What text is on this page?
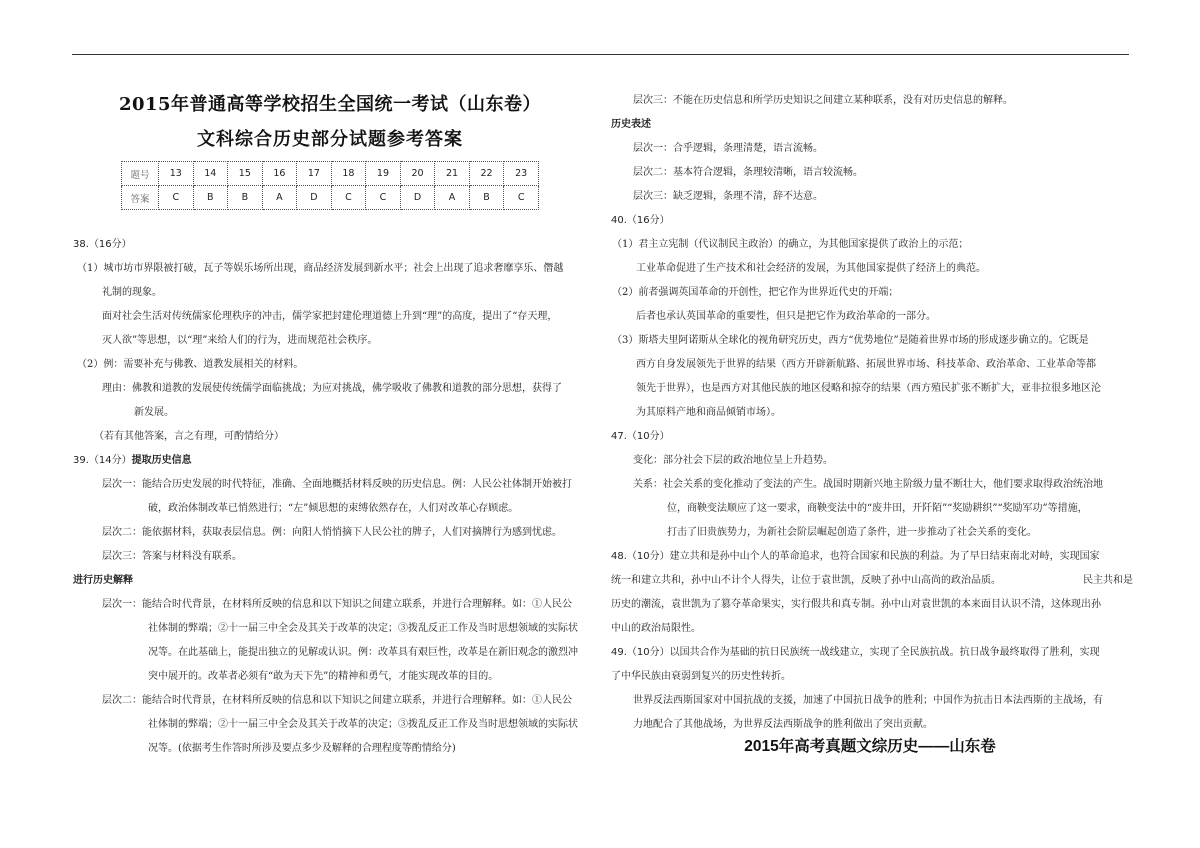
2015年普通高等学校招生全国统一考试（山东卷）
文科综合历史部分试题参考答案
题号	13	14	15	16	17	18	19	20	21	22	23
答案	C	B	B	A	D	C	C	D	A	B	C
38.（16分）
（1）城市坊市界限被打破，瓦子等娱乐场所出现，商品经济发展到新水平；社会上出现了追求奢靡享乐、僭越
礼制的现象。
面对社会生活对传统儒家伦理秩序的冲击，儒学家把封建伦理道德上升到“理”的高度，提出了“存天理，
灭人欲”等思想，以“理”来给人们的行为，进而规范社会秩序。
（2）例：需要补充与佛教、道教发展相关的材料。
理由：佛教和道教的发展使传统儒学面临挑战；为应对挑战，佛学吸收了佛教和道教的部分思想，获得了
新发展。
（若有其他答案，言之有理，可酌情给分）
39.（14分）提取历史信息
层次一：能结合历史发展的时代特征，准确、全面地概括材料反映的历史信息。例：人民公社体制开始被打
破，政治体制改革已悄然进行；“左”倾思想的束缚依然存在，人们对改革心存顾虑。
层次二：能依据材料，获取表层信息。例：向阳人悄悄摘下人民公社的牌子，人们对摘牌行为感到忧虑。
层次三：答案与材料没有联系。
进行历史解释
层次一：能结合时代背景，在材料所反映的信息和以下知识之间建立联系，并进行合理解释。如：①人民公
社体制的弊端；②十一届三中全会及其关于改革的决定；③拨乱反正工作及当时思想领域的实际状
况等。在此基础上，能提出独立的见解或认识。例：改革具有艰巨性，改革是在新旧观念的激烈冲
突中展开的。改革者必须有“敢为天下先”的精神和勇气，才能实现改革的目的。
层次二：能结合时代背景，在材料所反映的信息和以下知识之间建立联系，并进行合理解释。如：①人民公
社体制的弊端；②十一届三中全会及其关于改革的决定；③拨乱反正工作及当时思想领域的实际状
况等。(依据考生作答时所涉及要点多少及解释的合理程度等酌情给分)
层次三：不能在历史信息和所学历史知识之间建立某种联系，没有对历史信息的解释。
历史表述
层次一：合乎逻辑，条理清楚，语言流畅。
层次二：基本符合逻辑，条理较清晰，语言较流畅。
层次三：缺乏逻辑，条理不清，辞不达意。
40.（16分）
（1）君主立宪制（代议制民主政治）的确立，为其他国家提供了政治上的示范；
工业革命促进了生产技术和社会经济的发展，为其他国家提供了经济上的典范。
（2）前者强调英国革命的开创性，把它作为世界近代史的开端；
后者也承认英国革命的重要性，但只是把它作为政治革命的一部分。
（3）斯塔夫里阿诺斯从全球化的视角研究历史，西方“优势地位”是随着世界市场的形成逐步确立的。它既是
西方自身发展领先于世界的结果（西方开辟新航路、拓展世界市场、科技革命、政治革命、工业革命等都
领先于世界），也是西方对其他民族的地区侵略和掠夺的结果（西方殖民扩张不断扩大，亚非拉很多地区沦
为其原料产地和商品倾销市场）。
47.（10分）
变化：部分社会下层的政治地位呈上升趋势。
关系：社会关系的变化推动了变法的产生。战国时期新兴地主阶级力量不断壮大，他们要求取得政治统治地
位，商鞅变法顺应了这一要求，商鞅变法中的“废井田，开阡陌”“奖励耕织”“奖励军功”等措施，
打击了旧贵族势力，为新社会阶层崛起创造了条件，进一步推动了社会关系的变化。
48.（10分）建立共和是孙中山个人的革命追求，也符合国家和民族的利益。为了早日结束南北对峙，实现国家
统一和建立共和，孙中山不计个人得失，让位于袁世凯，反映了孙中山高尚的政治品质。	民主共和是
历史的潮流，袁世凯为了篡夺革命果实，实行假共和真专制。孙中山对袁世凯的本来面目认识不清，这体现出孙
中山的政治局限性。
49.（10分）以国共合作为基础的抗日民族统一战线建立，实现了全民族抗战。抗日战争最终取得了胜利，实现
了中华民族由衰弱到复兴的历史性转折。
世界反法西斯国家对中国抗战的支援，加速了中国抗日战争的胜利；中国作为抗击日本法西斯的主战场，有
力地配合了其他战场，为世界反法西斯战争的胜利做出了突出贡献。
2015年高考真题文综历史——山东卷
